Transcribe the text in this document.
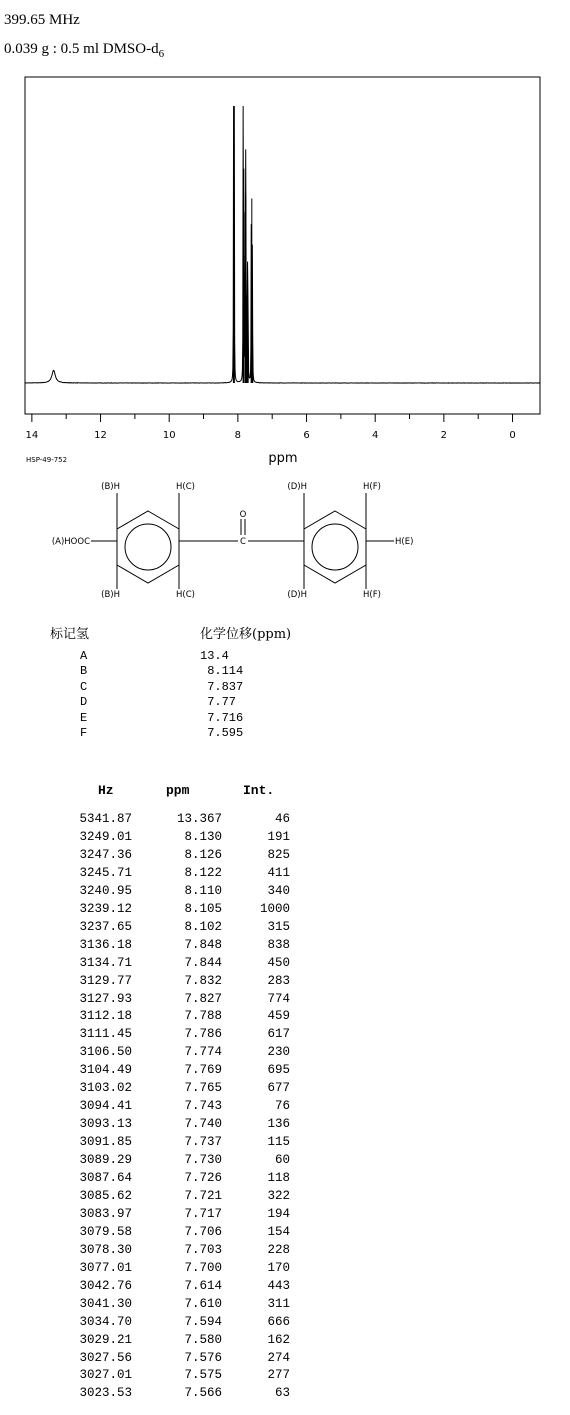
399.65 MHz
0.039 g : 0.5 ml DMSO-$d_6$
14	12	10	8	6	4	2	0
ppm
HSP-49-752
(B)H	H(C)
(B)H	H(C)
(A)HOOC
O
C
(D)H	H(F)
(D)H	H(F)
H(E)
标记氢	化学位移(ppm)
A	13.4
B	8.114
C	7.837
D	7.77
E	7.716
F	7.595
Hz	ppm	Int.
5341.87	13.367	46
3249.01	8.130	191
3247.36	8.126	825
3245.71	8.122	411
3240.95	8.110	340
3239.12	8.105	1000
3237.65	8.102	315
3136.18	7.848	838
3134.71	7.844	450
3129.77	7.832	283
3127.93	7.827	774
3112.18	7.788	459
3111.45	7.786	617
3106.50	7.774	230
3104.49	7.769	695
3103.02	7.765	677
3094.41	7.743	76
3093.13	7.740	136
3091.85	7.737	115
3089.29	7.730	60
3087.64	7.726	118
3085.62	7.721	322
3083.97	7.717	194
3079.58	7.706	154
3078.30	7.703	228
3077.01	7.700	170
3042.76	7.614	443
3041.30	7.610	311
3034.70	7.594	666
3029.21	7.580	162
3027.56	7.576	274
3027.01	7.575	277
3023.53	7.566	63
